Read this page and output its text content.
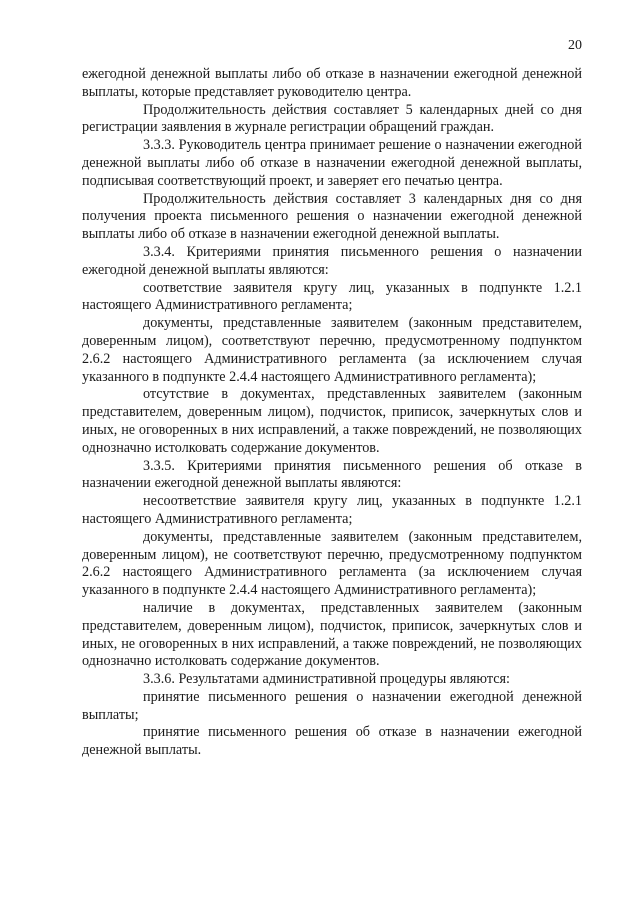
20

ежегодной денежной выплаты либо об отказе в назначении ежегодной денежной выплаты, которые представляет руководителю центра.

Продолжительность действия составляет 5 календарных дней со дня регистрации заявления в журнале регистрации обращений граждан.

3.3.3. Руководитель центра принимает решение о назначении ежегодной денежной выплаты либо об отказе в назначении ежегодной денежной выплаты, подписывая соответствующий проект, и заверяет его печатью центра.

Продолжительность действия составляет 3 календарных дня со дня получения проекта письменного решения о назначении ежегодной денежной выплаты либо об отказе в назначении ежегодной денежной выплаты.

3.3.4. Критериями принятия письменного решения о назначении ежегодной денежной выплаты являются:

соответствие заявителя кругу лиц, указанных в подпункте 1.2.1 настоящего Административного регламента;

документы, представленные заявителем (законным представителем, доверенным лицом), соответствуют перечню, предусмотренному подпунктом 2.6.2 настоящего Административного регламента (за исключением случая указанного в подпункте 2.4.4 настоящего Административного регламента);

отсутствие в документах, представленных заявителем (законным представителем, доверенным лицом), подчисток, приписок, зачеркнутых слов и иных, не оговоренных в них исправлений, а также повреждений, не позволяющих однозначно истолковать содержание документов.

3.3.5. Критериями принятия письменного решения об отказе в назначении ежегодной денежной выплаты являются:

несоответствие заявителя кругу лиц, указанных в подпункте 1.2.1 настоящего Административного регламента;

документы, представленные заявителем (законным представителем, доверенным лицом), не соответствуют перечню, предусмотренному подпунктом 2.6.2 настоящего Административного регламента (за исключением случая указанного в подпункте 2.4.4 настоящего Административного регламента);

наличие в документах, представленных заявителем (законным представителем, доверенным лицом), подчисток, приписок, зачеркнутых слов и иных, не оговоренных в них исправлений, а также повреждений, не позволяющих однозначно истолковать содержание документов.

3.3.6. Результатами административной процедуры являются:

принятие письменного решения о назначении ежегодной денежной выплаты;

принятие письменного решения об отказе в назначении ежегодной денежной выплаты.
